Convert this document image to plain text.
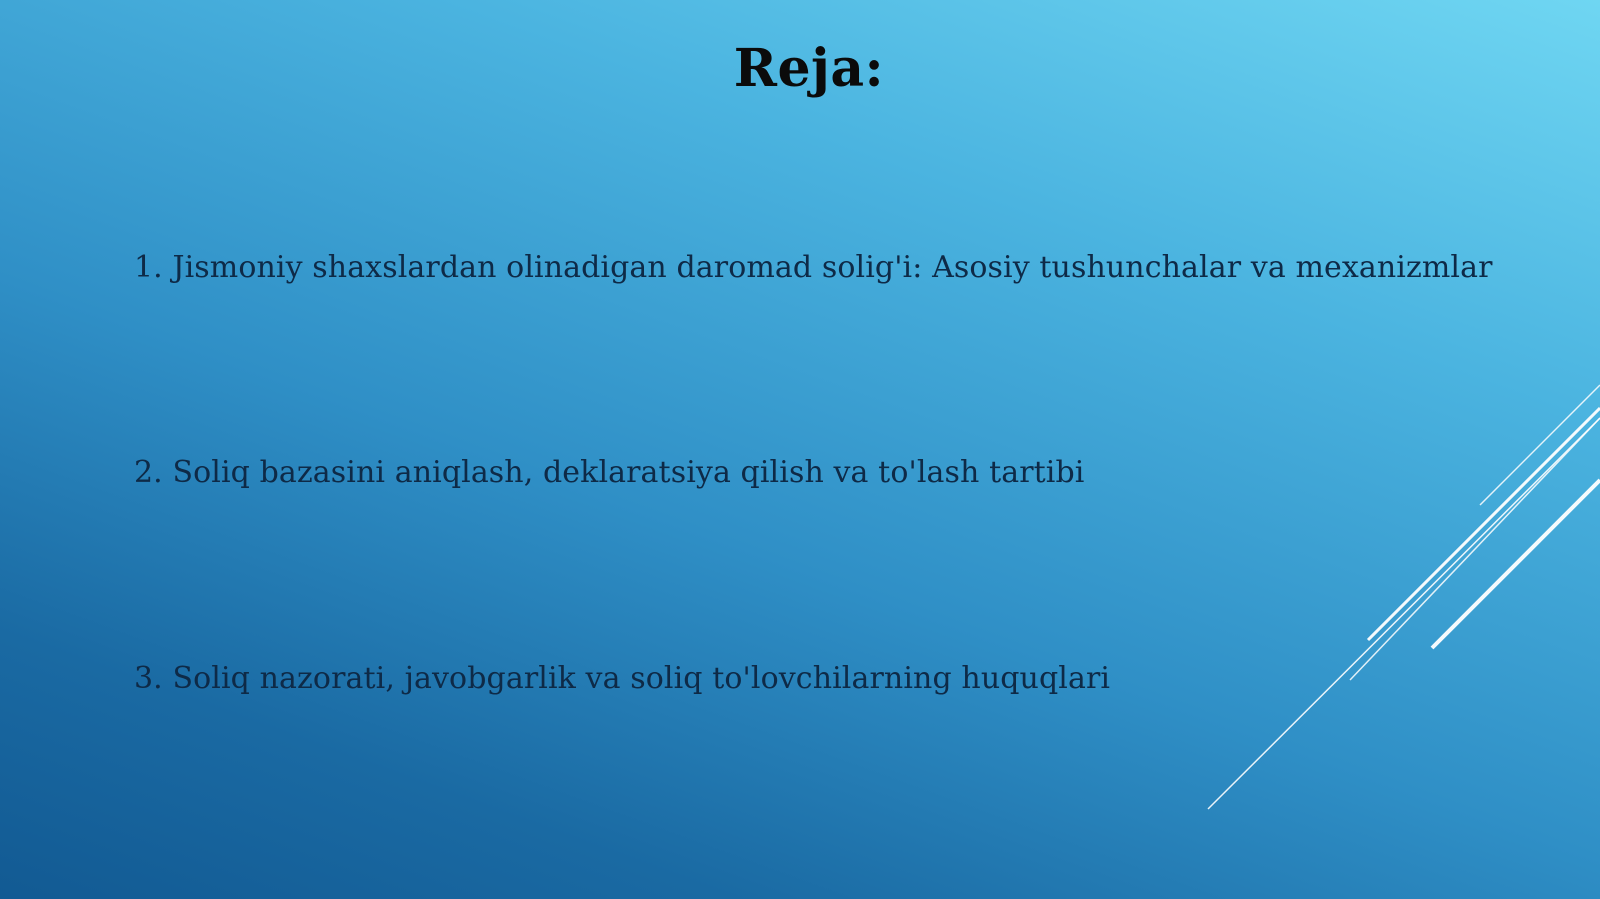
Reja:
1. Jismoniy shaxslardan olinadigan daromad solig'i: Asosiy tushunchalar va mexanizmlar
2. Soliq bazasini aniqlash, deklaratsiya qilish va to'lash tartibi
3. Soliq nazorati, javobgarlik va soliq to'lovchilarning huquqlari
